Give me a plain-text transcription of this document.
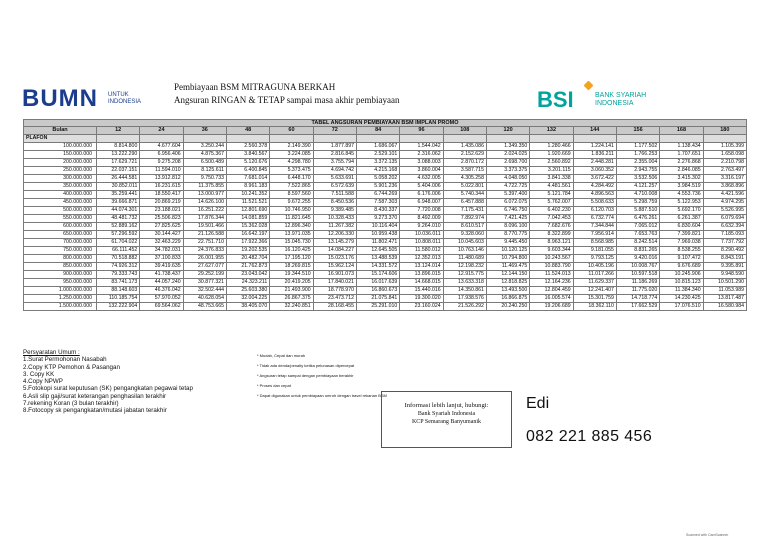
BUMN UNTUK
INDONESIA
Pembiayaan BSM MITRAGUNA BERKAH
Angsuran RINGAN & TETAP sampai masa akhir pembiayaan	BSI	BANK SYARIAH
INDONESIA
TABEL ANGSURAN PEMBIAYAAN BSM IMPLAN PROMO															
Bulan	12	24	36	48	60	72	84	96	108	120	132	144	156	168	180
PLAFON															
100.000.000	8.814.800	4.677.604	3.250.244	2.560.378	2.149.390	1.877.897	1.686.067	1.544.042	1.435.086	1.349.350	1.280.466	1.224.141	1.177.502	1.138.434	1.105.399
150.000.000	13.222.290	6.956.406	4.875.367	3.840.567	3.224.085	2.816.845	2.529.101	2.316.062	2.152.629	2.024.025	1.920.669	1.836.211	1.766.253	1.707.651	1.658.098
200.000.000	17.629.721	9.275.208	6.500.489	5.120.676	4.298.780	3.755.794	3.372.135	3.088.003	2.870.172	2.698.700	2.560.892	2.448.281	2.355.004	2.276.868	2.210.798
250.000.000	22.037.151	11.594.010	8.125.611	6.400.845	5.373.475	4.694.742	4.215.168	3.860.004	3.587.715	3.373.375	3.201.115	3.060.352	2.943.755	2.846.085	2.763.497
300.000.000	26.444.581	13.912.812	9.750.733	7.681.014	6.448.170	5.633.691	5.058.202	4.632.005	4.305.258	4.048.050	3.841.338	3.672.422	3.532.506	3.415.302	3.316.197
350.000.000	30.852.011	16.231.615	11.375.855	8.961.183	7.522.865	6.572.639	5.901.236	5.404.006	5.022.801	4.722.725	4.481.561	4.284.492	4.121.257	3.984.519	3.868.896
400.000.000	35.259.441	18.550.417	13.000.977	10.241.352	8.597.560	7.511.588	6.744.269	6.176.006	5.740.344	5.397.400	5.121.784	4.896.563	4.710.008	4.553.736	4.421.596
450.000.000	39.666.871	20.869.219	14.626.100	11.521.521	9.672.255	8.450.536	7.587.303	6.948.007	6.457.888	6.072.075	5.762.007	5.508.633	5.298.759	5.122.953	4.974.295
500.000.000	44.074.301	23.188.021	16.251.222	12.801.690	10.746.950	9.389.485	8.430.337	7.720.008	7.175.431	6.746.750	6.402.230	6.120.703	5.887.510	5.692.170	5.526.995
550.000.000	48.481.732	25.506.823	17.876.344	14.081.859	11.821.645	10.328.433	9.273.370	8.492.009	7.892.974	7.421.425	7.042.453	6.732.774	6.476.261	6.261.387	6.079.694
600.000.000	52.889.162	27.825.625	19.501.466	15.362.028	12.896.340	11.267.382	10.116.404	9.264.010	8.610.517	8.096.100	7.682.676	7.344.844	7.065.012	6.830.604	6.632.394
650.000.000	57.296.592	30.144.427	21.126.588	16.642.197	13.971.035	12.206.330	10.959.438	10.036.011	9.328.060	8.770.775	8.322.899	7.956.914	7.653.763	7.399.821	7.185.093
700.000.000	61.704.022	32.463.229	22.751.710	17.922.366	15.045.730	13.145.279	11.802.471	10.808.011	10.045.603	9.445.450	8.963.121	8.568.985	8.242.514	7.969.038	7.737.792
750.000.000	66.111.452	34.782.031	24.376.833	19.202.535	16.120.425	14.084.227	12.645.505	11.580.012	10.763.146	10.120.125	9.603.344	9.181.055	8.831.265	8.538.255	8.290.492
800.000.000	70.518.882	37.100.833	26.001.955	20.482.704	17.195.120	15.023.176	13.488.539	12.352.013	11.480.689	10.794.800	10.243.567	9.793.125	9.420.016	9.107.472	8.843.191
850.000.000	74.926.312	39.419.635	27.627.077	21.762.873	18.269.815	15.962.124	14.331.572	13.124.014	12.198.232	11.469.475	10.883.790	10.405.196	10.008.767	9.676.689	9.395.891
900.000.000	79.333.743	41.738.437	29.252.199	23.043.042	19.344.510	16.901.073	15.174.606	13.896.015	12.915.775	12.144.150	11.524.013	11.017.266	10.597.518	10.245.906	9.948.590
950.000.000	83.741.173	44.057.240	30.877.321	24.323.211	20.419.205	17.840.021	16.017.639	14.668.015	13.633.318	12.818.825	12.164.236	11.629.337	11.186.269	10.815.123	10.501.290
1.000.000.000	88.148.603	46.376.042	32.502.444	25.603.380	21.493.900	18.778.970	16.860.673	15.440.016	14.350.861	13.493.500	12.804.459	12.241.407	11.775.020	11.384.340	11.053.989
1.250.000.000	110.185.754	57.970.052	40.628.054	32.004.225	26.867.375	23.473.712	21.075.841	19.300.020	17.938.576	16.866.875	16.005.574	15.301.759	14.718.774	14.230.425	13.817.487
1.500.000.000	132.222.904	69.564.062	48.753.665	38.405.070	32.240.851	28.168.455	25.291.010	23.160.024	21.526.292	20.240.250	19.206.689	18.362.110	17.662.529	17.076.510	16.580.984
Persyaratan Umum :
1.Surat Permohonan Nasabah
2.Copy KTP Pemohon & Pasangan
3. Copy KK
4.Copy NPWP
5.Fotokopi surat keputusan (SK) pengangkatan pegawai tetap
6.Asli slip gaji/surat keterangan penghasilan terakhir
7.rekening Koran (3 bulan terakhir)
8.Fotocopy sk pengangkatan/mutasi jabatan terakhir
* Mudah, Cepat dan murah
* Tidak ada denda/penalty ketika pelunasan dipercepat
* Angsuran tetap sampai dengan pembiayaan berakhir
* Proses dan cepat
* Dapat digunakan untuk pembiayaan umroh dengan travel rekanan BSM
Informasi lebih lanjut, hubungi:
Bank Syariah Indonesia
KCP Semarang Banyumanik
Edi
082 221 885 456
Scanned with CamScanner
